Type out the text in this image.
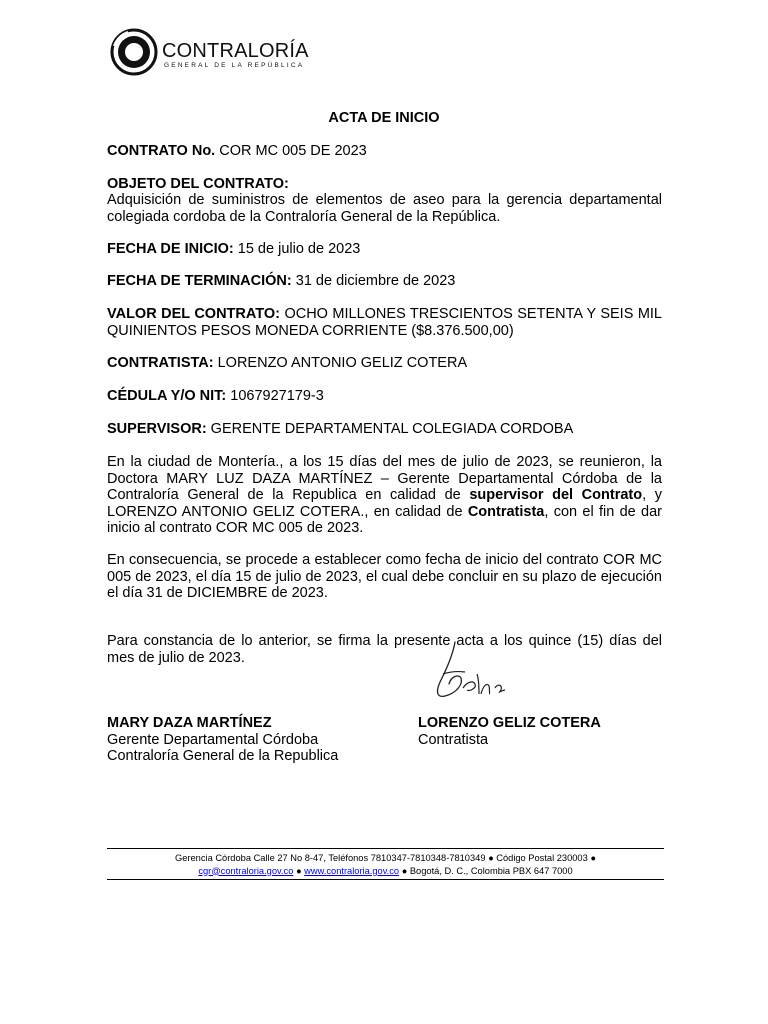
CONTRALORÍA
GENERAL DE LA REPÚBLICA
ACTA DE INICIO
CONTRATO No. COR MC 005 DE 2023
OBJETO DEL CONTRATO:
Adquisición de suministros de elementos de aseo para la gerencia departamental colegiada cordoba de la Contraloría General de la República.
FECHA DE INICIO: 15 de julio de 2023
FECHA DE TERMINACIÓN: 31 de diciembre de 2023
VALOR DEL CONTRATO: OCHO MILLONES TRESCIENTOS SETENTA Y SEIS MIL QUINIENTOS PESOS MONEDA CORRIENTE ($8.376.500,00)
CONTRATISTA: LORENZO ANTONIO GELIZ COTERA
CÉDULA Y/O NIT: 1067927179-3
SUPERVISOR: GERENTE DEPARTAMENTAL COLEGIADA CORDOBA
En la ciudad de Montería., a los 15 días del mes de julio de 2023, se reunieron, la Doctora MARY LUZ DAZA MARTÍNEZ – Gerente Departamental Córdoba de la Contraloría General de la Republica en calidad de supervisor del Contrato, y LORENZO ANTONIO GELIZ COTERA., en calidad de Contratista, con el fin de dar inicio al contrato COR MC 005 de 2023.
En consecuencia, se procede a establecer como fecha de inicio del contrato COR MC 005 de 2023, el día 15 de julio de 2023, el cual debe concluir en su plazo de ejecución el día 31 de DICIEMBRE de 2023.
Para constancia de lo anterior, se firma la presente acta a los quince (15) días del mes de julio de 2023.
MARY DAZA MARTÍNEZ
Gerente Departamental Córdoba
Contraloría General de la Republica
LORENZO GELIZ COTERA
Contratista
Gerencia Córdoba Calle 27 No 8-47, Teléfonos 7810347-7810348-7810349 ● Código Postal 230003 ●
cgr@contraloria.gov.co ● www.contraloria.gov.co ● Bogotá, D. C., Colombia PBX 647 7000
